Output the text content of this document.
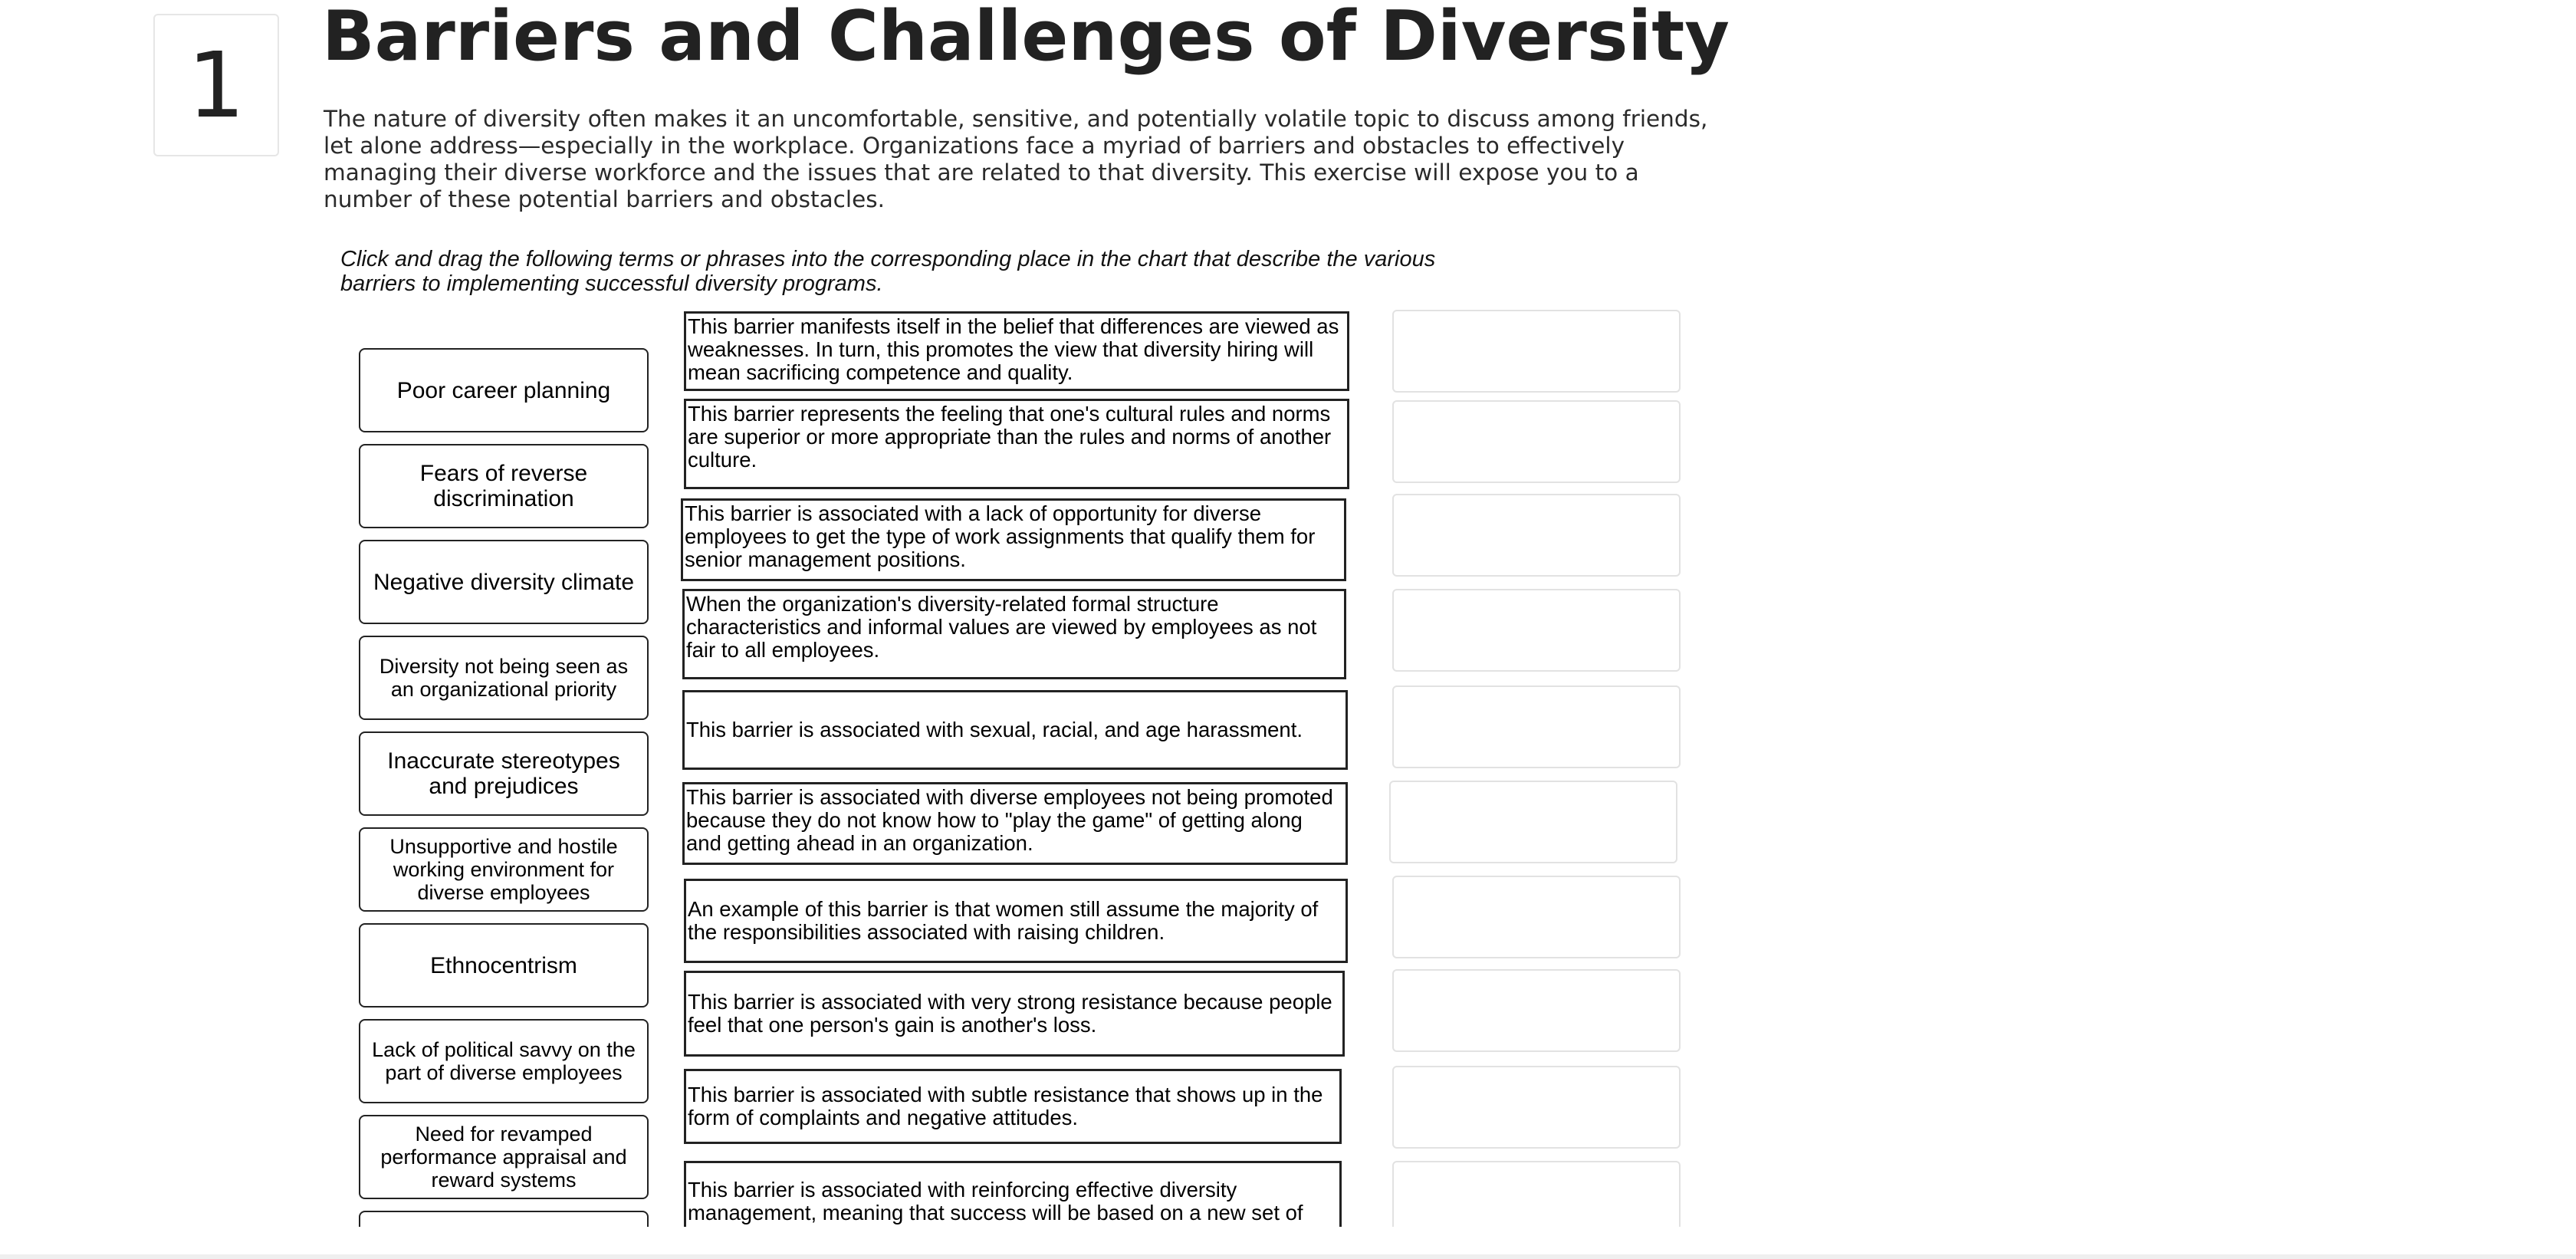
1	Barriers and Challenges of Diversity

The nature of diversity often makes it an uncomfortable, sensitive, and potentially volatile topic to discuss among friends, let alone address—especially in the workplace. Organizations face a myriad of barriers and obstacles to effectively managing their diverse workforce and the issues that are related to that diversity. This exercise will expose you to a number of these potential barriers and obstacles.

Click and drag the following terms or phrases into the corresponding place in the chart that describe the various barriers to implementing successful diversity programs.

Poor career planning
Fears of reverse discrimination
Negative diversity climate
Diversity not being seen as an organizational priority
Inaccurate stereotypes and prejudices
Unsupportive and hostile working environment for diverse employees
Ethnocentrism
Lack of political savvy on the part of diverse employees
Need for revamped performance appraisal and reward systems
This barrier manifests itself in the belief that differences are viewed as weaknesses. In turn, this promotes the view that diversity hiring will mean sacrificing competence and quality.
This barrier represents the feeling that one's cultural rules and norms are superior or more appropriate than the rules and norms of another culture.
This barrier is associated with a lack of opportunity for diverse employees to get the type of work assignments that qualify them for senior management positions.
When the organization's diversity-related formal structure characteristics and informal values are viewed by employees as not fair to all employees.
This barrier is associated with sexual, racial, and age harassment.
This barrier is associated with diverse employees not being promoted because they do not know how to "play the game" of getting along and getting ahead in an organization.
An example of this barrier is that women still assume the majority of the responsibilities associated with raising children.
This barrier is associated with very strong resistance because people feel that one person's gain is another's loss.
This barrier is associated with subtle resistance that shows up in the form of complaints and negative attitudes.
This barrier is associated with reinforcing effective diversity management, meaning that success will be based on a new set of
